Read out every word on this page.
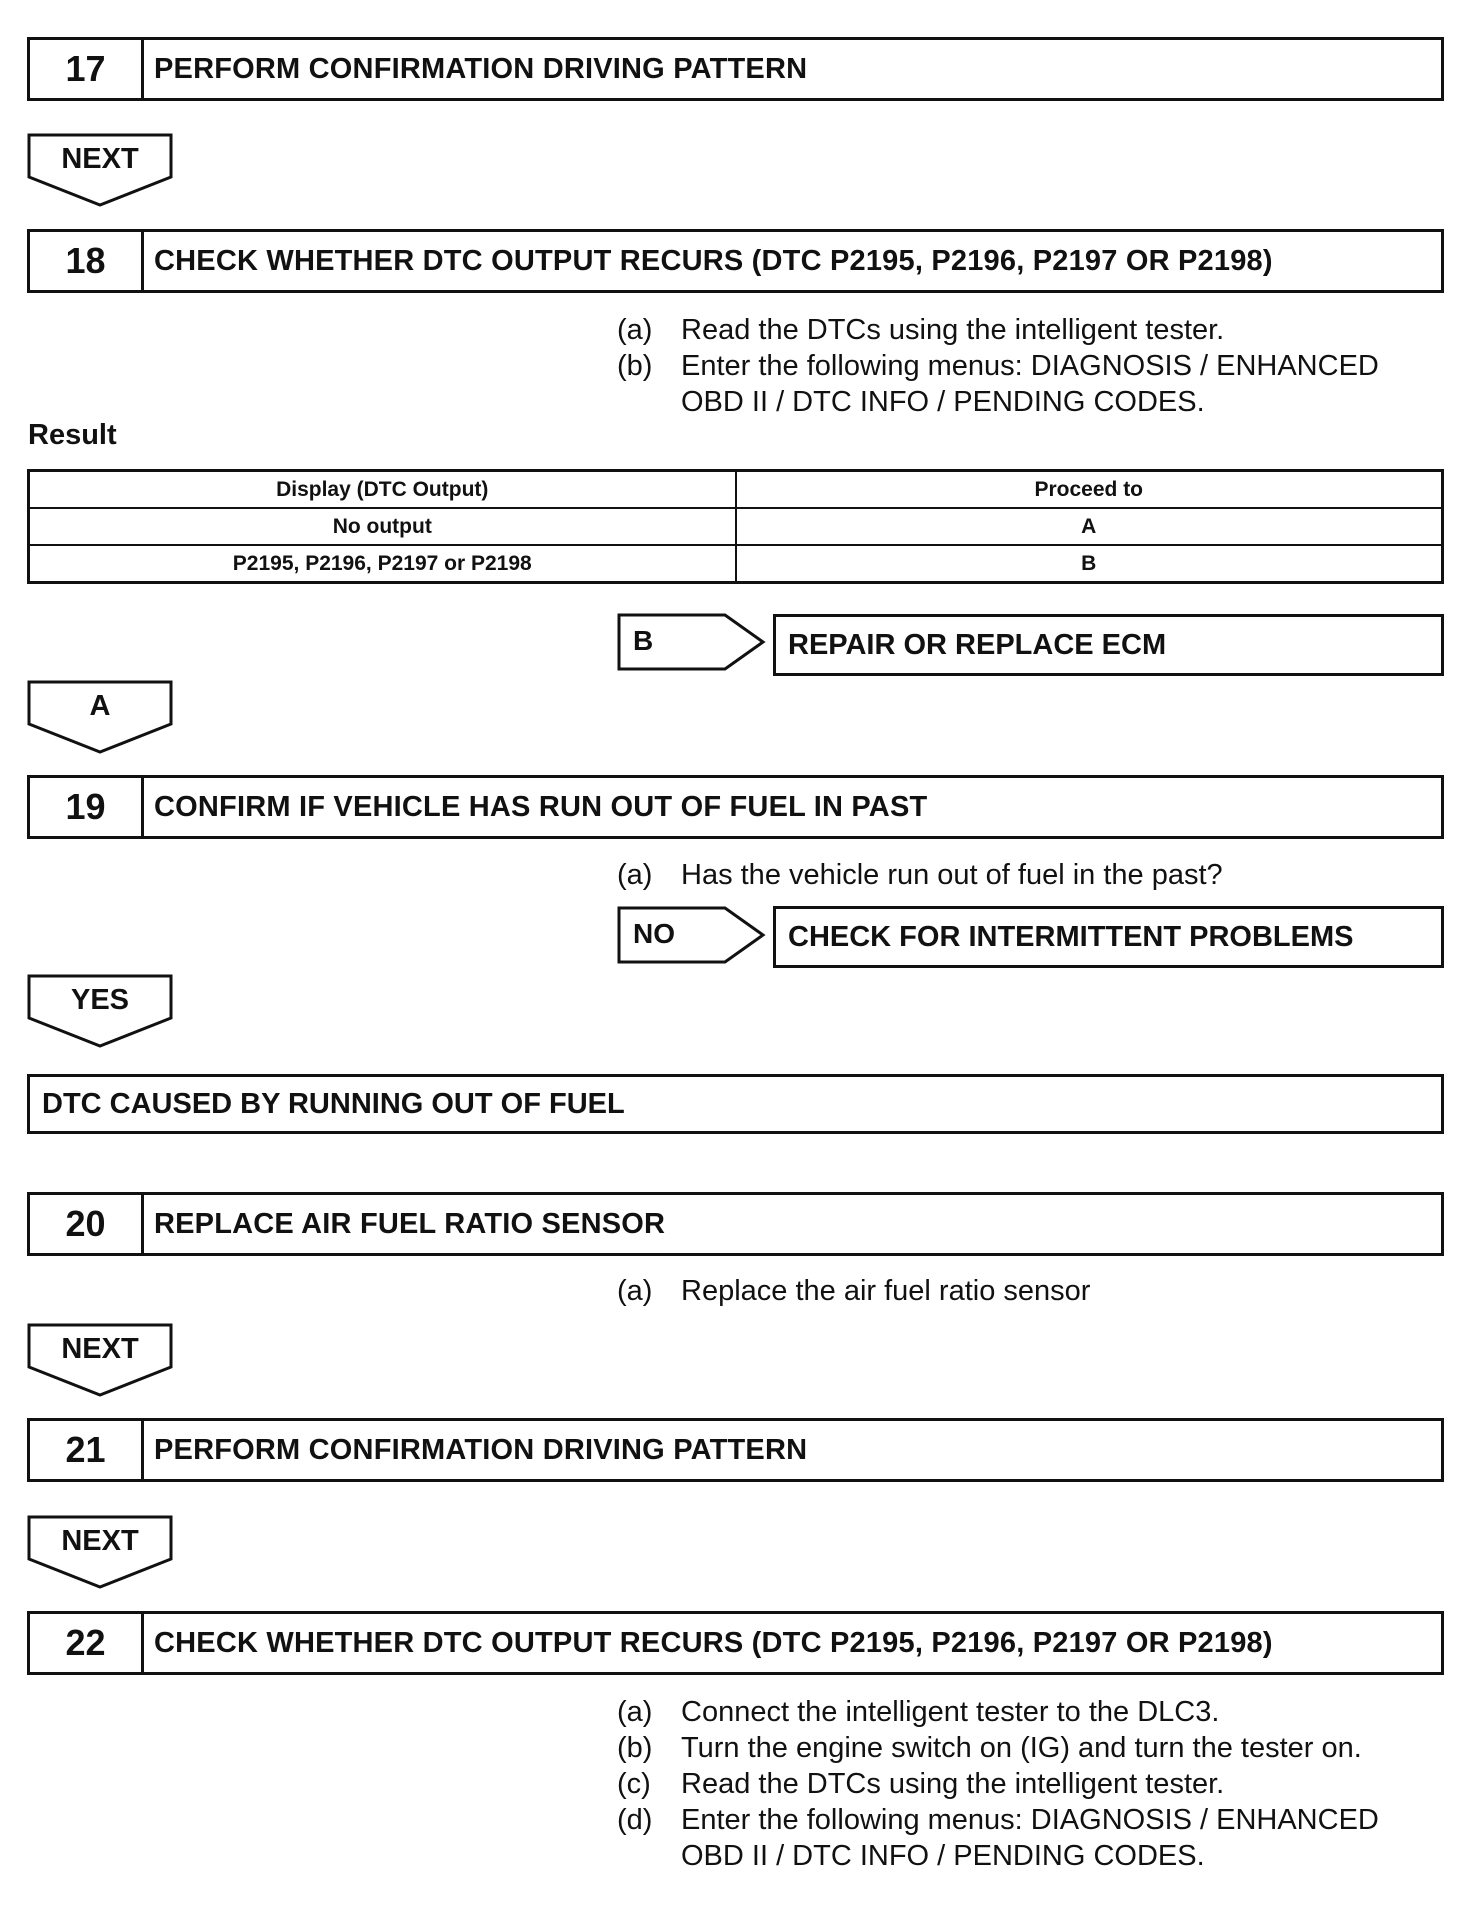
17	PERFORM CONFIRMATION DRIVING PATTERN
NEXT
18	CHECK WHETHER DTC OUTPUT RECURS (DTC P2195, P2196, P2197 OR P2198)
(a) Read the DTCs using the intelligent tester.
(b) Enter the following menus: DIAGNOSIS / ENHANCED OBD II / DTC INFO / PENDING CODES.
Result
Display (DTC Output)	Proceed to
No output	A
P2195, P2196, P2197 or P2198	B
B	REPAIR OR REPLACE ECM
A
19	CONFIRM IF VEHICLE HAS RUN OUT OF FUEL IN PAST
(a) Has the vehicle run out of fuel in the past?
NO	CHECK FOR INTERMITTENT PROBLEMS
YES
DTC CAUSED BY RUNNING OUT OF FUEL
20	REPLACE AIR FUEL RATIO SENSOR
(a) Replace the air fuel ratio sensor
NEXT
21	PERFORM CONFIRMATION DRIVING PATTERN
NEXT
22	CHECK WHETHER DTC OUTPUT RECURS (DTC P2195, P2196, P2197 OR P2198)
(a) Connect the intelligent tester to the DLC3.
(b) Turn the engine switch on (IG) and turn the tester on.
(c)	Read the DTCs using the intelligent tester.
(d) Enter the following menus: DIAGNOSIS / ENHANCED OBD II / DTC INFO / PENDING CODES.
